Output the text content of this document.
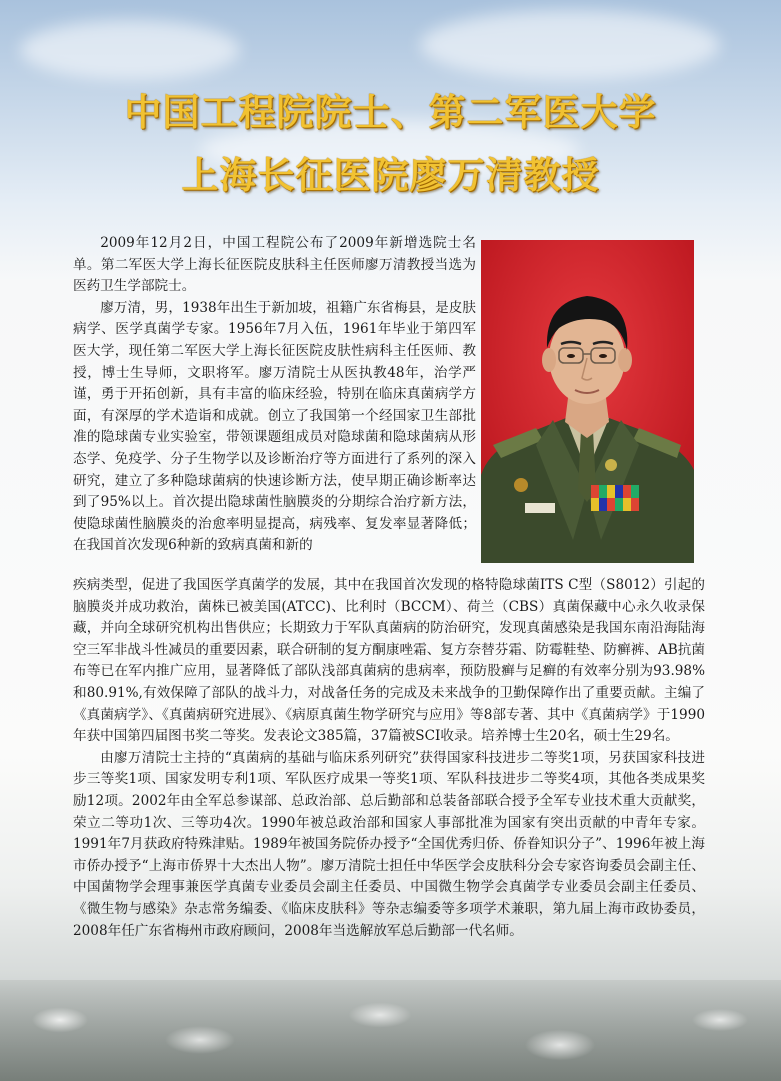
中国工程院院士、第二军医大学
上海长征医院廖万清教授

2009年12月2日，中国工程院公布了2009年新增选院士名单。第二军医大学上海长征医院皮肤科主任医师廖万清教授当选为医药卫生学部院士。

廖万清，男，1938年出生于新加坡，祖籍广东省梅县，是皮肤病学、医学真菌学专家。1956年7月入伍，1961年毕业于第四军医大学，现任第二军医大学上海长征医院皮肤性病科主任医师、教授，博士生导师，文职将军。廖万清院士从医执教48年，治学严谨，勇于开拓创新，具有丰富的临床经验，特别在临床真菌病学方面，有深厚的学术造诣和成就。创立了我国第一个经国家卫生部批准的隐球菌专业实验室，带领课题组成员对隐球菌和隐球菌病从形态学、免疫学、分子生物学以及诊断治疗等方面进行了系列的深入研究，建立了多种隐球菌病的快速诊断方法，使早期正确诊断率达到了95%以上。首次提出隐球菌性脑膜炎的分期综合治疗新方法，使隐球菌性脑膜炎的治愈率明显提高，病残率、复发率显著降低；在我国首次发现6种新的致病真菌和新的

疾病类型，促进了我国医学真菌学的发展，其中在我国首次发现的格特隐球菌ITS C型（S8012）引起的脑膜炎并成功救治，菌株已被美国(ATCC)、比利时（BCCM）、荷兰（CBS）真菌保藏中心永久收录保藏，并向全球研究机构出售供应；长期致力于军队真菌病的防治研究，发现真菌感染是我国东南沿海陆海空三军非战斗性减员的重要因素，联合研制的复方酮康唑霜、复方奈替芬霜、防霉鞋垫、防癣裤、AB抗菌布等已在军内推广应用，显著降低了部队浅部真菌病的患病率，预防股癣与足癣的有效率分别为93.98%和80.91%,有效保障了部队的战斗力，对战备任务的完成及未来战争的卫勤保障作出了重要贡献。主编了《真菌病学》、《真菌病研究进展》、《病原真菌生物学研究与应用》等8部专著、其中《真菌病学》于1990年获中国第四届图书奖二等奖。发表论文385篇，37篇被SCI收录。培养博士生20名，硕士生29名。

由廖万清院士主持的“真菌病的基础与临床系列研究”获得国家科技进步二等奖1项，另获国家科技进步三等奖1项、国家发明专利1项、军队医疗成果一等奖1项、军队科技进步二等奖4项，其他各类成果奖励12项。2002年由全军总参谋部、总政治部、总后勤部和总装备部联合授予全军专业技术重大贡献奖，荣立二等功1次、三等功4次。1990年被总政治部和国家人事部批准为国家有突出贡献的中青年专家。1991年7月获政府特殊津贴。1989年被国务院侨办授予“全国优秀归侨、侨眷知识分子”、1996年被上海市侨办授予“上海市侨界十大杰出人物”。廖万清院士担任中华医学会皮肤科分会专家咨询委员会副主任、中国菌物学会理事兼医学真菌专业委员会副主任委员、中国微生物学会真菌学专业委员会副主任委员、《微生物与感染》杂志常务编委、《临床皮肤科》等杂志编委等多项学术兼职，第九届上海市政协委员，2008年任广东省梅州市政府顾问，2008年当选解放军总后勤部一代名师。
